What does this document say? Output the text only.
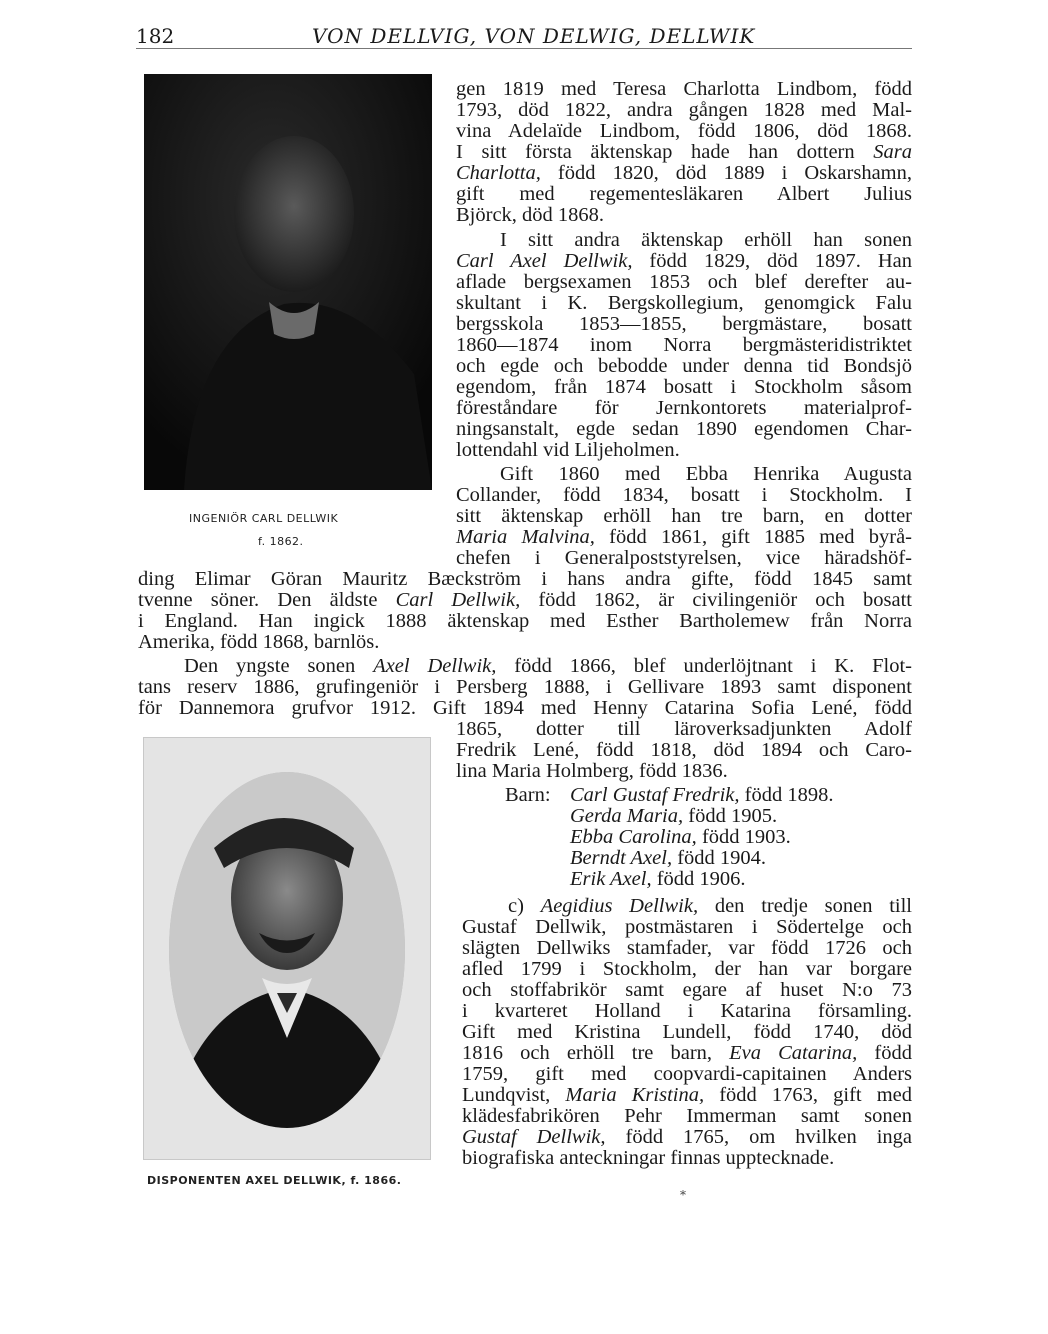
182	VON DELLVIG, VON DELWIG, DELLWIK
INGENIÖR CARL DELLWIK
f. 1862.
DISPONENTEN AXEL DELLWIK, f. 1866.
gen 1819 med Teresa Charlotta Lindbom, född
1793, död 1822, andra gången 1828 med Mal-
vina Adelaïde Lindbom, född 1806, död 1868.
I sitt första äktenskap hade han dottern Sara
Charlotta, född 1820, död 1889 i Oskarshamn,
gift med regementesläkaren Albert Julius
Björck, död 1868.
I sitt andra äktenskap erhöll han sonen
Carl Axel Dellwik, född 1829, död 1897. Han
aflade bergsexamen 1853 och blef derefter au-
skultant i K. Bergskollegium, genomgick Falu
bergsskola 1853—1855, bergmästare, bosatt
1860—1874 inom Norra bergmästeridistriktet
och egde och bebodde under denna tid Bondsjö
egendom, från 1874 bosatt i Stockholm såsom
föreståndare för Jernkontorets materialprof-
ningsanstalt, egde sedan 1890 egendomen Char-
lottendahl vid Liljeholmen.
Gift 1860 med Ebba Henrika Augusta
Collander, född 1834, bosatt i Stockholm. I
sitt äktenskap erhöll han tre barn, en dotter
Maria Malvina, född 1861, gift 1885 med byrå-
chefen i Generalpoststyrelsen, vice häradshöf-
ding Elimar Göran Mauritz Bæckström i hans andra gifte, född 1845 samt
tvenne söner. Den äldste Carl Dellwik, född 1862, är civilingeniör och bosatt
i England. Han ingick 1888 äktenskap med Esther Bartholemew från Norra
Amerika, född 1868, barnlös.
Den yngste sonen Axel Dellwik, född 1866, blef underlöjtnant i K. Flot-
tans reserv 1886, grufingeniör i Persberg 1888, i Gellivare 1893 samt disponent
för Dannemora grufvor 1912. Gift 1894 med Henny Catarina Sofia Lené, född
1865, dotter till läroverksadjunkten Adolf
Fredrik Lené, född 1818, död 1894 och Caro-
lina Maria Holmberg, född 1836.
Barn: Carl Gustaf Fredrik, född 1898.
Gerda Maria, född 1905.
Ebba Carolina, född 1903.
Berndt Axel, född 1904.
Erik Axel, född 1906.
c) Aegidius Dellwik, den tredje sonen till
Gustaf Dellwik, postmästaren i Södertelge och
slägten Dellwiks stamfader, var född 1726 och
afled 1799 i Stockholm, der han var borgare
och stoffabrikör samt egare af huset N:o 73
i kvarteret Holland i Katarina församling.
Gift med Kristina Lundell, född 1740, död
1816 och erhöll tre barn, Eva Catarina, född
1759, gift med coopvardi-capitainen Anders
Lundqvist, Maria Kristina, född 1763, gift med
klädesfabrikören Pehr Immerman samt sonen
Gustaf Dellwik, född 1765, om hvilken inga
biografiska anteckningar finnas upptecknade.
*
